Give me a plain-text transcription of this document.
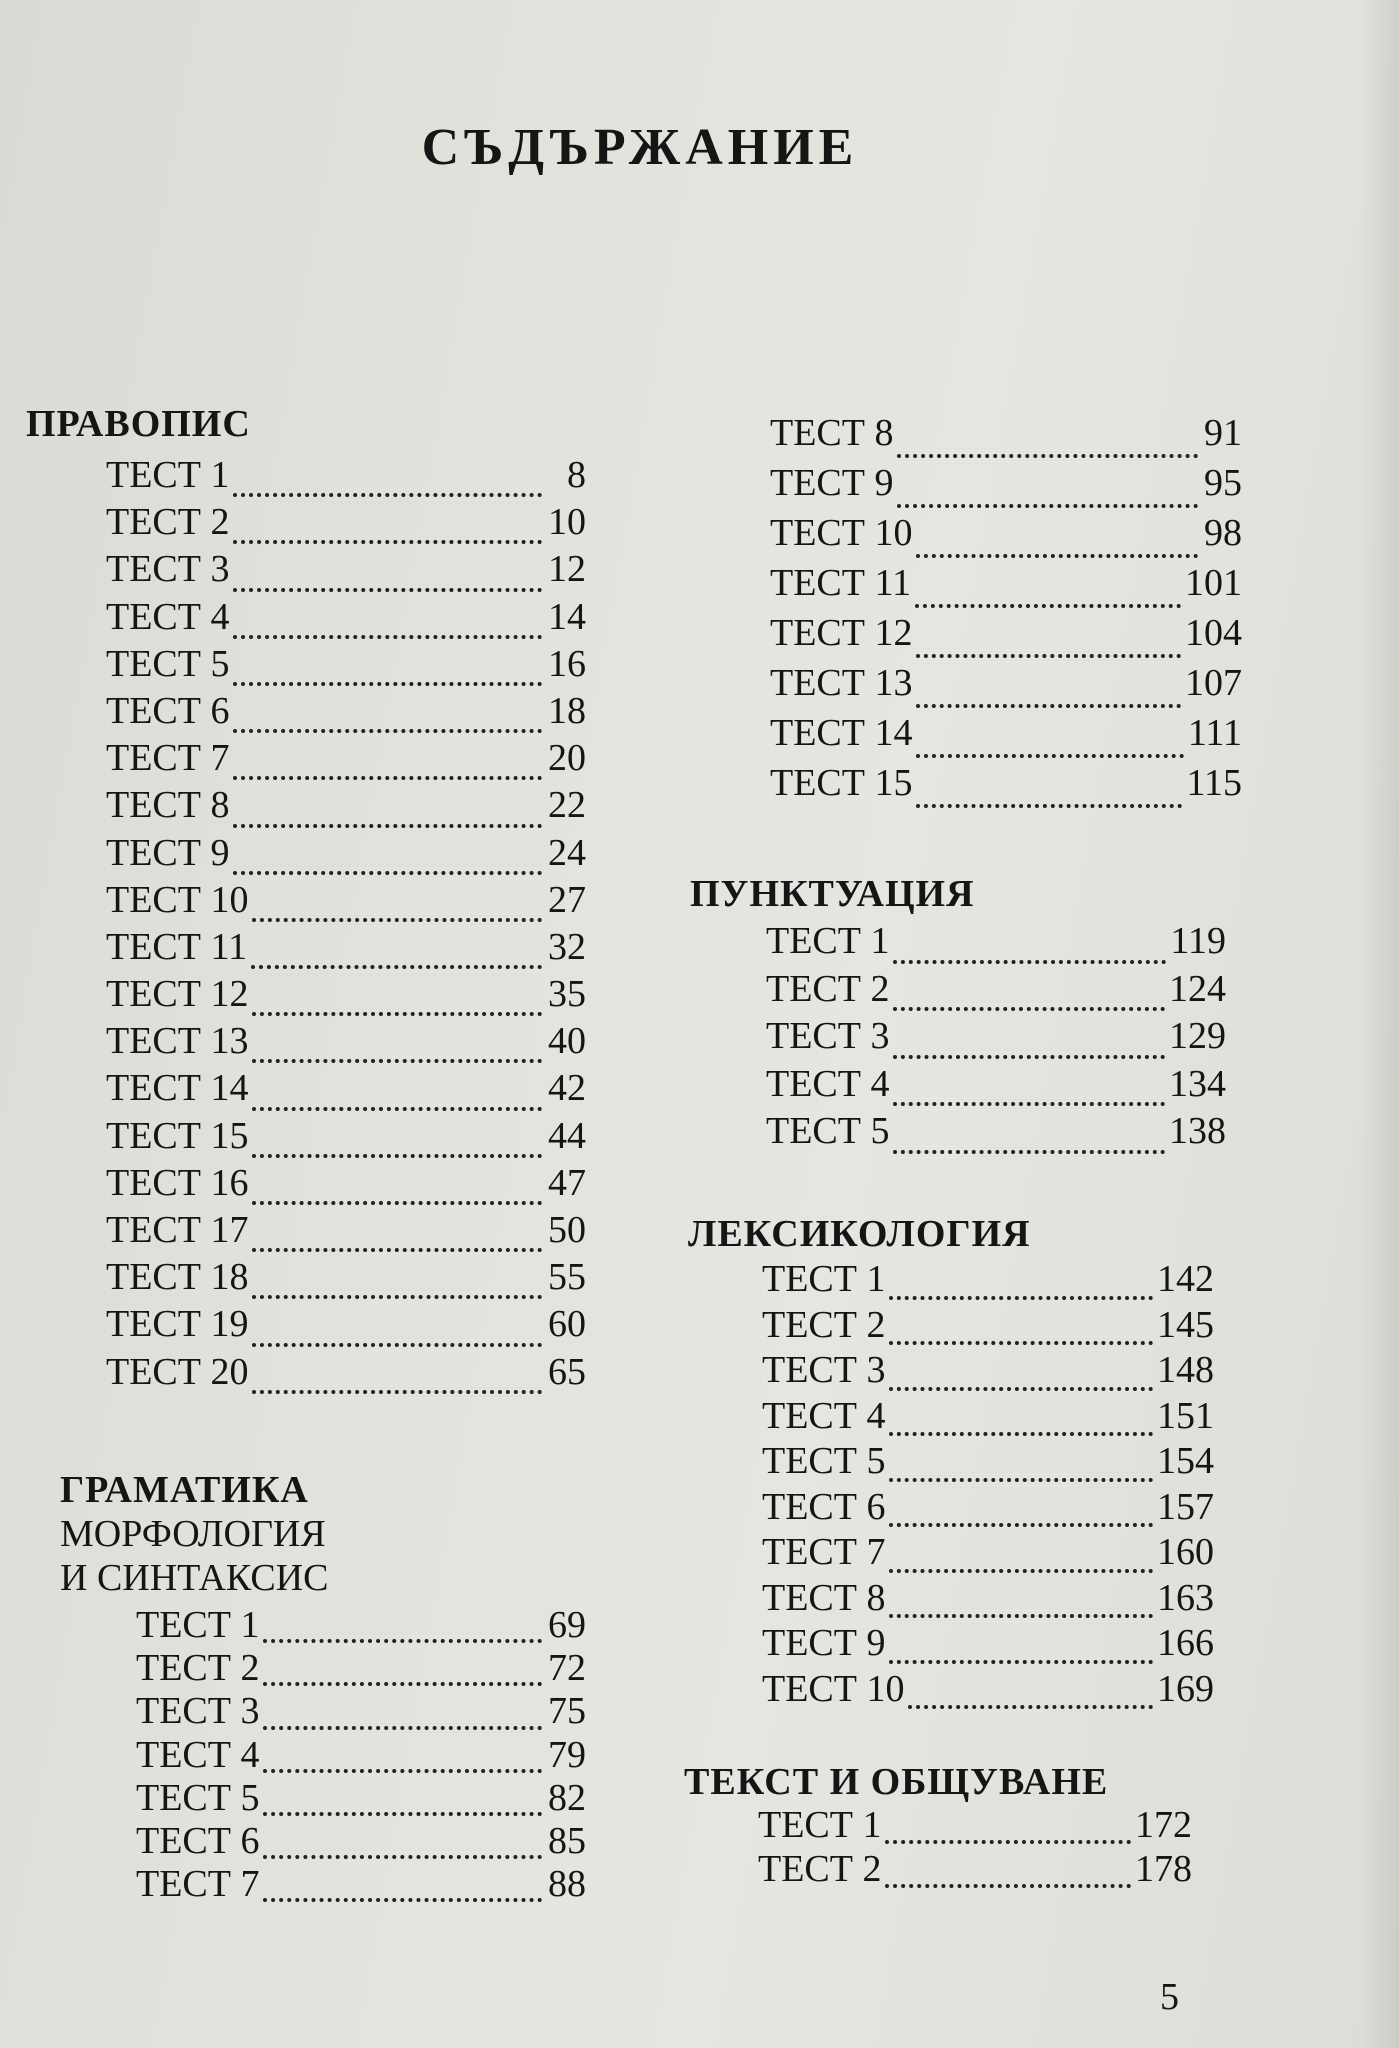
СЪДЪРЖАНИЕ
ПРАВОПИС
ТЕСТ 1	8
ТЕСТ 2	10
ТЕСТ 3	12
ТЕСТ 4	14
ТЕСТ 5	16
ТЕСТ 6	18
ТЕСТ 7	20
ТЕСТ 8	22
ТЕСТ 9	24
ТЕСТ 10	27
ТЕСТ 11	32
ТЕСТ 12	35
ТЕСТ 13	40
ТЕСТ 14	42
ТЕСТ 15	44
ТЕСТ 16	47
ТЕСТ 17	50
ТЕСТ 18	55
ТЕСТ 19	60
ТЕСТ 20	65
ГРАМАТИКА
МОРФОЛОГИЯ
И СИНТАКСИС
ТЕСТ 1	69
ТЕСТ 2	72
ТЕСТ 3	75
ТЕСТ 4	79
ТЕСТ 5	82
ТЕСТ 6	85
ТЕСТ 7	88
ТЕСТ 8	91
ТЕСТ 9	95
ТЕСТ 10	98
ТЕСТ 11	101
ТЕСТ 12	104
ТЕСТ 13	107
ТЕСТ 14	111
ТЕСТ 15	115
ПУНКТУАЦИЯ
ТЕСТ 1	119
ТЕСТ 2	124
ТЕСТ 3	129
ТЕСТ 4	134
ТЕСТ 5	138
ЛЕКСИКОЛОГИЯ
ТЕСТ 1	142
ТЕСТ 2	145
ТЕСТ 3	148
ТЕСТ 4	151
ТЕСТ 5	154
ТЕСТ 6	157
ТЕСТ 7	160
ТЕСТ 8	163
ТЕСТ 9	166
ТЕСТ 10	169
ТЕКСТ И ОБЩУВАНЕ
ТЕСТ 1	172
ТЕСТ 2	178
5
